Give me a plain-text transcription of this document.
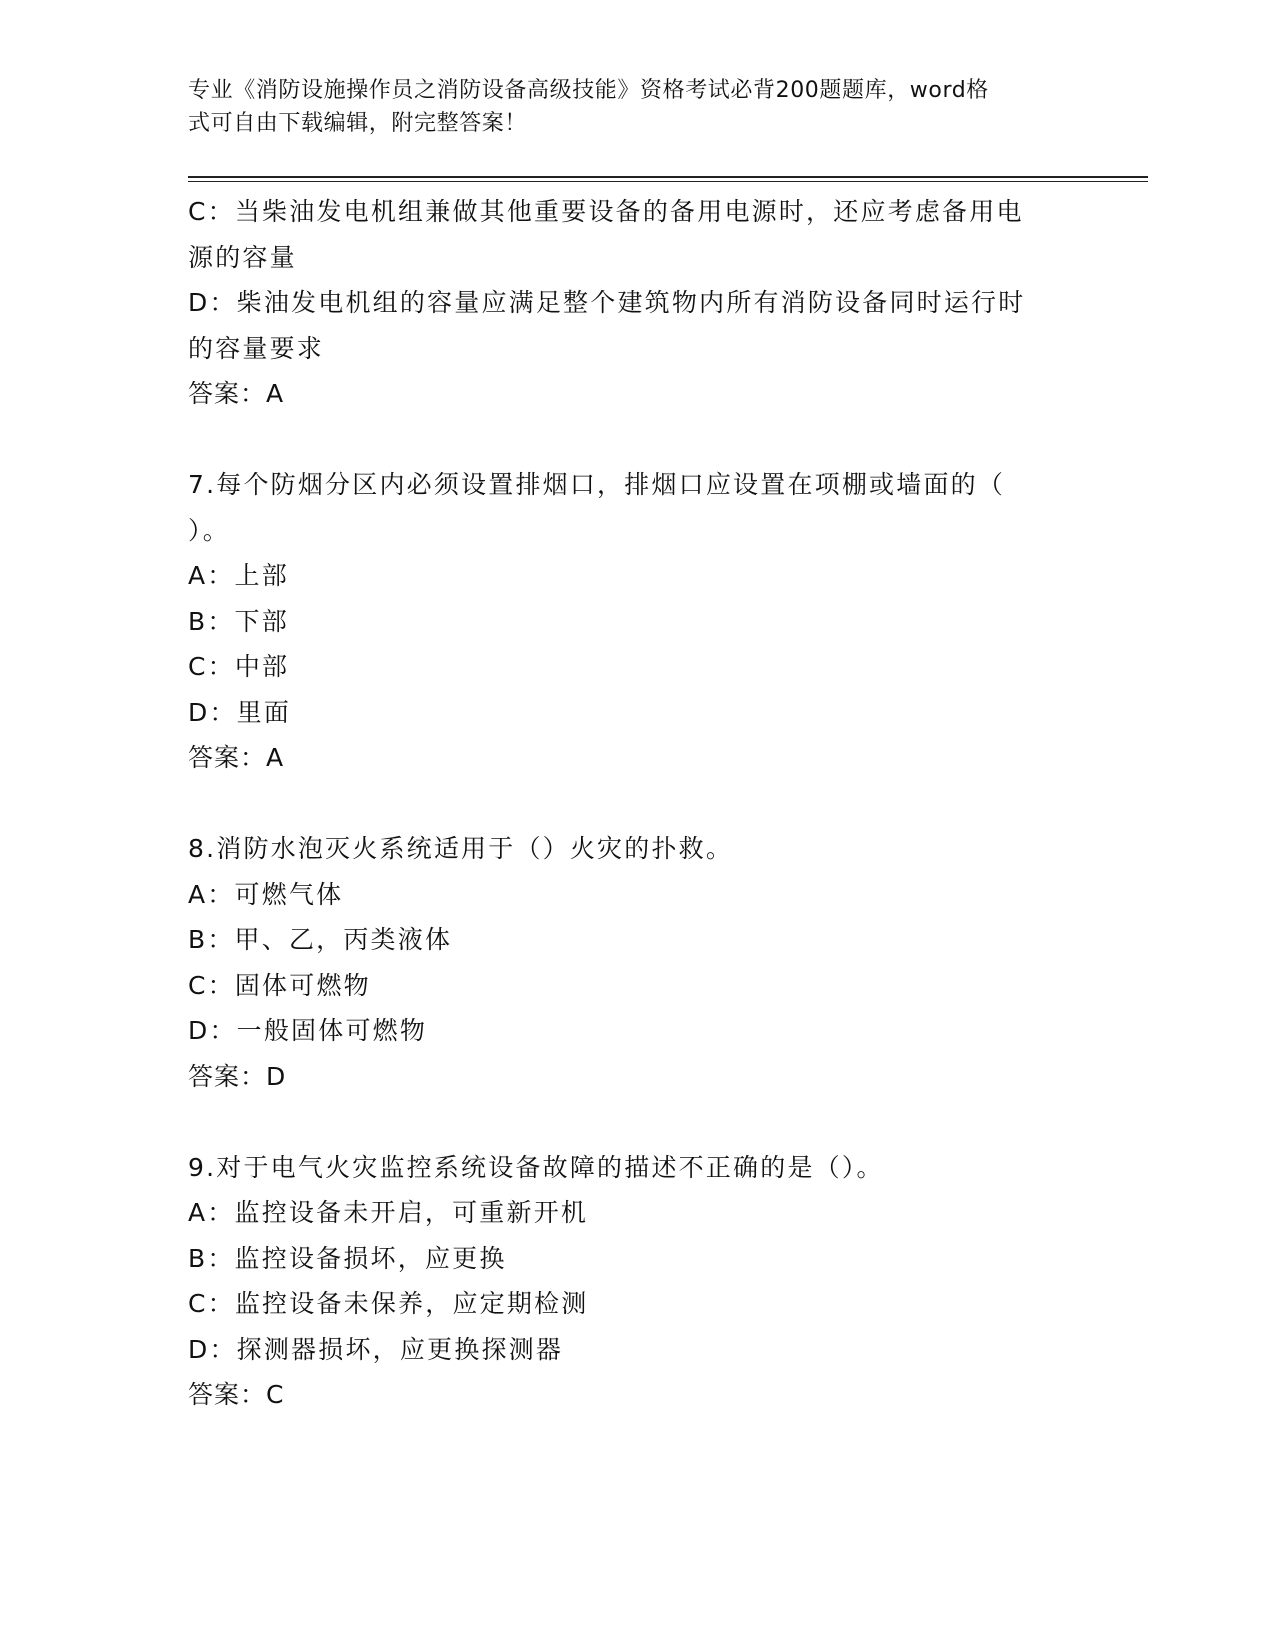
专业《消防设施操作员之消防设备高级技能》资格考试必背200题题库，word格
式可自由下载编辑，附完整答案！
C：当柴油发电机组兼做其他重要设备的备用电源时，还应考虑备用电
源的容量
D：柴油发电机组的容量应满足整个建筑物内所有消防设备同时运行时
的容量要求
答案：A
7.每个防烟分区内必须设置排烟口，排烟口应设置在项棚或墙面的（
）。
A：上部
B：下部
C：中部
D：里面
答案：A
8.消防水泡灭火系统适用于（）火灾的扑救。
A：可燃气体
B：甲、乙，丙类液体
C：固体可燃物
D：一般固体可燃物
答案：D
9.对于电气火灾监控系统设备故障的描述不正确的是（）。
A：监控设备未开启，可重新开机
B：监控设备损坏，应更换
C：监控设备未保养，应定期检测
D：探测器损坏，应更换探测器
答案：C
